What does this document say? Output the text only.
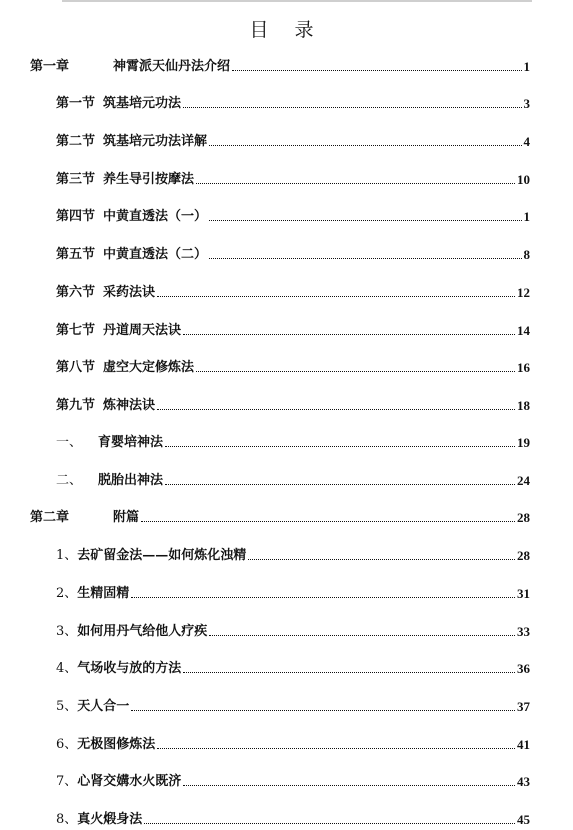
目 录
第一章	神霄派天仙丹法介绍	1
第一节 筑基培元功法	3
第二节 筑基培元功法详解	4
第三节 养生导引按摩法	10
第四节 中黄直透法（一）	1
第五节 中黄直透法（二）	8
第六节 采药法诀	12
第七节 丹道周天法诀	14
第八节 虚空大定修炼法	16
第九节 炼神法诀	18
一、 育婴培神法	19
二、 脱胎出神法	24
第二章	附篇	28
1、 去矿留金法——如何炼化浊精	28
2、 生精固精	31
3、 如何用丹气给他人疗疾	33
4、 气场收与放的方法	36
5、 天人合一	37
6、 无极图修炼法	41
7、 心肾交媾水火既济	43
8、 真火煅身法	45
